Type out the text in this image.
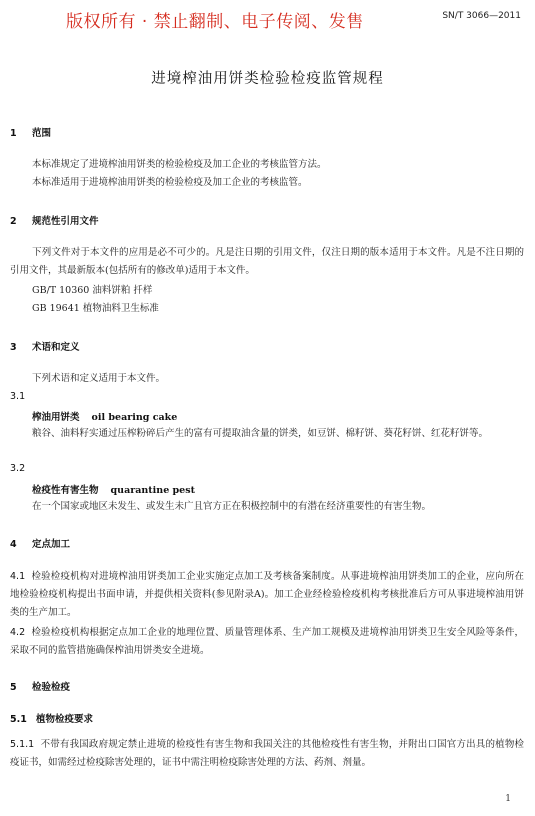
版权所有 · 禁止翻制、电子传阅、发售	SN/T 3066—2011
进境榨油用饼类检验检疫监管规程
1 范围
本标准规定了进境榨油用饼类的检验检疫及加工企业的考核监管方法。
本标准适用于进境榨油用饼类的检验检疫及加工企业的考核监管。
2 规范性引用文件
下列文件对于本文件的应用是必不可少的。凡是注日期的引用文件，仅注日期的版本适用于本文件。凡是不注日期的引用文件，其最新版本(包括所有的修改单)适用于本文件。
GB/T 10360 油料饼粕 扦样
GB 19641 植物油料卫生标准
3 术语和定义
下列术语和定义适用于本文件。
3.1
榨油用饼类 oil bearing cake
粮谷、油料籽实通过压榨粉碎后产生的富有可提取油含量的饼类，如豆饼、棉籽饼、葵花籽饼、红花籽饼等。
3.2
检疫性有害生物 quarantine pest
在一个国家或地区未发生、或发生未广且官方正在积极控制中的有潜在经济重要性的有害生物。
4 定点加工
4.1 检验检疫机构对进境榨油用饼类加工企业实施定点加工及考核备案制度。从事进境榨油用饼类加工的企业，应向所在地检验检疫机构提出书面申请，并提供相关资料(参见附录A)。加工企业经检验检疫机构考核批准后方可从事进境榨油用饼类的生产加工。
4.2 检验检疫机构根据定点加工企业的地理位置、质量管理体系、生产加工规模及进境榨油用饼类卫生安全风险等条件，采取不同的监管措施确保榨油用饼类安全进境。
5 检验检疫
5.1 植物检疫要求
5.1.1 不带有我国政府规定禁止进境的检疫性有害生物和我国关注的其他检疫性有害生物，并附出口国官方出具的植物检疫证书，如需经过检疫除害处理的，证书中需注明检疫除害处理的方法、药剂、剂量。
1
